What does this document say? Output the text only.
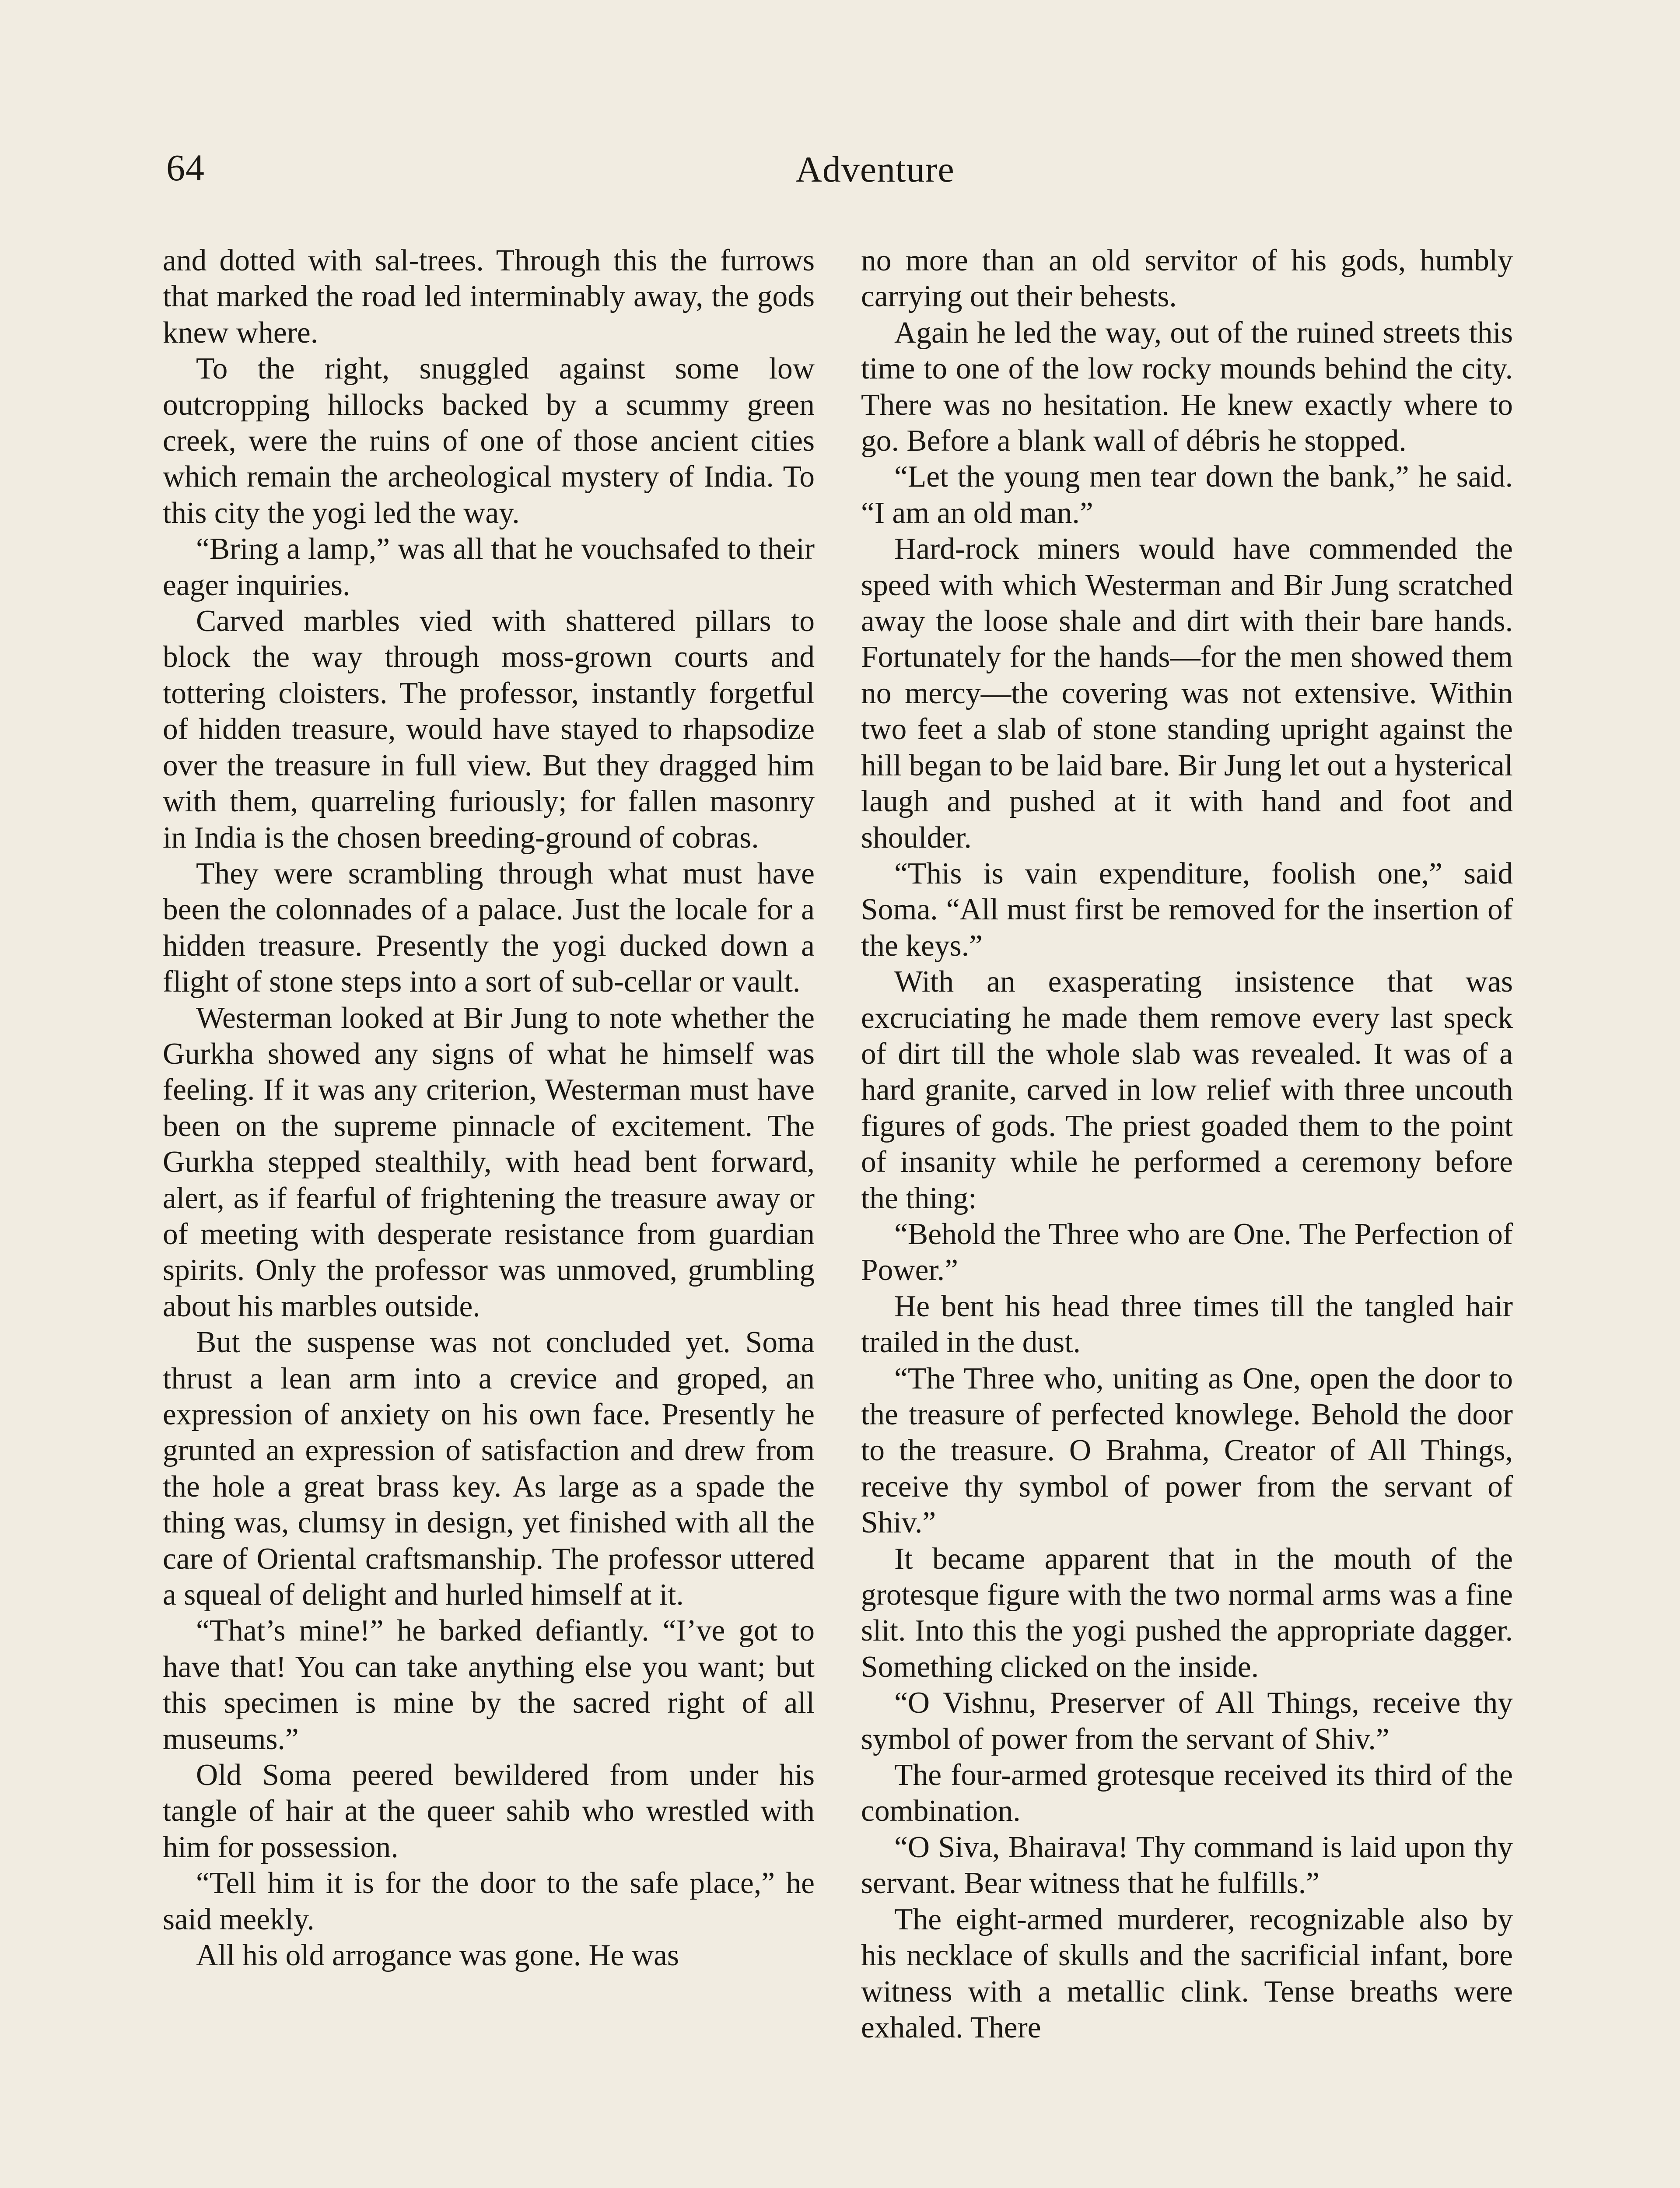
64	Adventure

and dotted with sal-trees. Through this the furrows that marked the road led interminably away, the gods knew where.

To the right, snuggled against some low outcropping hillocks backed by a scummy green creek, were the ruins of one of those ancient cities which remain the archeological mystery of India. To this city the yogi led the way.

“Bring a lamp,” was all that he vouchsafed to their eager inquiries.

Carved marbles vied with shattered pillars to block the way through moss-grown courts and tottering cloisters. The professor, instantly forgetful of hidden treasure, would have stayed to rhapsodize over the treasure in full view. But they dragged him with them, quarreling furiously; for fallen masonry in India is the chosen breeding-ground of cobras.

They were scrambling through what must have been the colonnades of a palace. Just the locale for a hidden treasure. Presently the yogi ducked down a flight of stone steps into a sort of sub-cellar or vault.

Westerman looked at Bir Jung to note whether the Gurkha showed any signs of what he himself was feeling. If it was any criterion, Westerman must have been on the supreme pinnacle of excitement. The Gurkha stepped stealthily, with head bent forward, alert, as if fearful of frightening the treasure away or of meeting with desperate resistance from guardian spirits. Only the professor was unmoved, grumbling about his marbles outside.

But the suspense was not concluded yet. Soma thrust a lean arm into a crevice and groped, an expression of anxiety on his own face. Presently he grunted an expression of satisfaction and drew from the hole a great brass key. As large as a spade the thing was, clumsy in design, yet finished with all the care of Oriental craftsmanship. The professor uttered a squeal of delight and hurled himself at it.

“That’s mine!” he barked defiantly. “I’ve got to have that! You can take anything else you want; but this specimen is mine by the sacred right of all museums.”

Old Soma peered bewildered from under his tangle of hair at the queer sahib who wrestled with him for possession.

“Tell him it is for the door to the safe place,” he said meekly.

All his old arrogance was gone. He was

no more than an old servitor of his gods, humbly carrying out their behests.

Again he led the way, out of the ruined streets this time to one of the low rocky mounds behind the city. There was no hesitation. He knew exactly where to go. Before a blank wall of débris he stopped.

“Let the young men tear down the bank,” he said. “I am an old man.”

Hard-rock miners would have commended the speed with which Westerman and Bir Jung scratched away the loose shale and dirt with their bare hands. Fortunately for the hands—for the men showed them no mercy—the covering was not extensive. Within two feet a slab of stone standing upright against the hill began to be laid bare. Bir Jung let out a hysterical laugh and pushed at it with hand and foot and shoulder.

“This is vain expenditure, foolish one,” said Soma. “All must first be removed for the insertion of the keys.”

With an exasperating insistence that was excruciating he made them remove every last speck of dirt till the whole slab was revealed. It was of a hard granite, carved in low relief with three uncouth figures of gods. The priest goaded them to the point of insanity while he performed a ceremony before the thing:

“Behold the Three who are One. The Perfection of Power.”

He bent his head three times till the tangled hair trailed in the dust.

“The Three who, uniting as One, open the door to the treasure of perfected knowlege. Behold the door to the treasure. O Brahma, Creator of All Things, receive thy symbol of power from the servant of Shiv.”

It became apparent that in the mouth of the grotesque figure with the two normal arms was a fine slit. Into this the yogi pushed the appropriate dagger. Something clicked on the inside.

“O Vishnu, Preserver of All Things, receive thy symbol of power from the servant of Shiv.”

The four-armed grotesque received its third of the combination.

“O Siva, Bhairava! Thy command is laid upon thy servant. Bear witness that he fulfills.”

The eight-armed murderer, recognizable also by his necklace of skulls and the sacrificial infant, bore witness with a metallic clink. Tense breaths were exhaled. There
